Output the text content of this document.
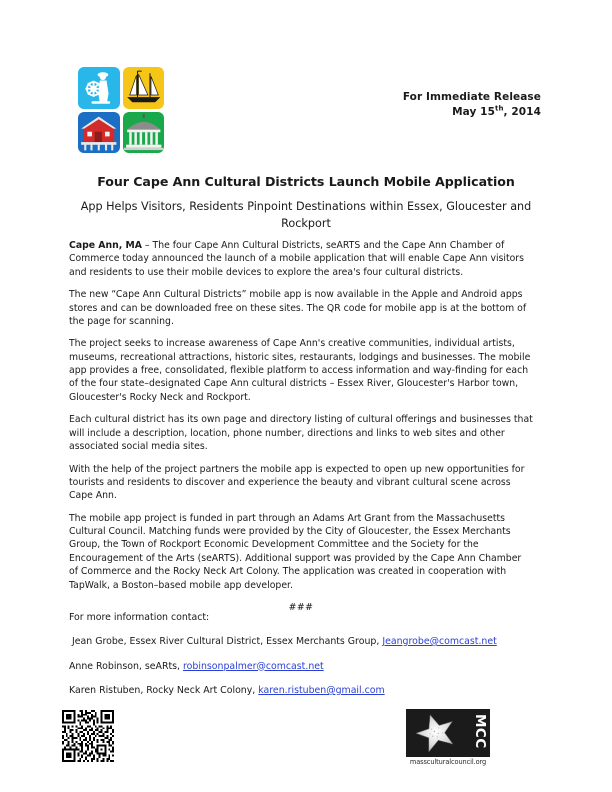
For Immediate Release
May 15th, 2014
Four Cape Ann Cultural Districts Launch Mobile Application
App Helps Visitors, Residents Pinpoint Destinations within Essex, Gloucester and Rockport

Cape Ann, MA – The four Cape Ann Cultural Districts, seARTS and the Cape Ann Chamber of Commerce today announced the launch of a mobile application that will enable Cape Ann visitors and residents to use their mobile devices to explore the area's four cultural districts.

The new “Cape Ann Cultural Districts” mobile app is now available in the Apple and Android apps stores and can be downloaded free on these sites. The QR code for mobile app is at the bottom of the page for scanning.

The project seeks to increase awareness of Cape Ann's creative communities, individual artists, museums, recreational attractions, historic sites, restaurants, lodgings and businesses. The mobile app provides a free, consolidated, flexible platform to access information and way-finding for each of the four state–designated Cape Ann cultural districts – Essex River, Gloucester's Harbor town, Gloucester's Rocky Neck and Rockport.

Each cultural district has its own page and directory listing of cultural offerings and businesses that will include a description, location, phone number, directions and links to web sites and other associated social media sites.

With the help of the project partners the mobile app is expected to open up new opportunities for tourists and residents to discover and experience the beauty and vibrant cultural scene across Cape Ann.

The mobile app project is funded in part through an Adams Art Grant from the Massachusetts Cultural Council. Matching funds were provided by the City of Gloucester, the Essex Merchants Group, the Town of Rockport Economic Development Committee and the Society for the Encouragement of the Arts (seARTS). Additional support was provided by the Cape Ann Chamber of Commerce and the Rocky Neck Art Colony. The application was created in cooperation with TapWalk, a Boston–based mobile app developer.

###

For more information contact:

Jean Grobe, Essex River Cultural District, Essex Merchants Group, Jeangrobe@comcast.net

Anne Robinson, seARts, robinsonpalmer@comcast.net

Karen Ristuben, Rocky Neck Art Colony, karen.ristuben@gmail.com

MCC
massculturalcouncil.org
